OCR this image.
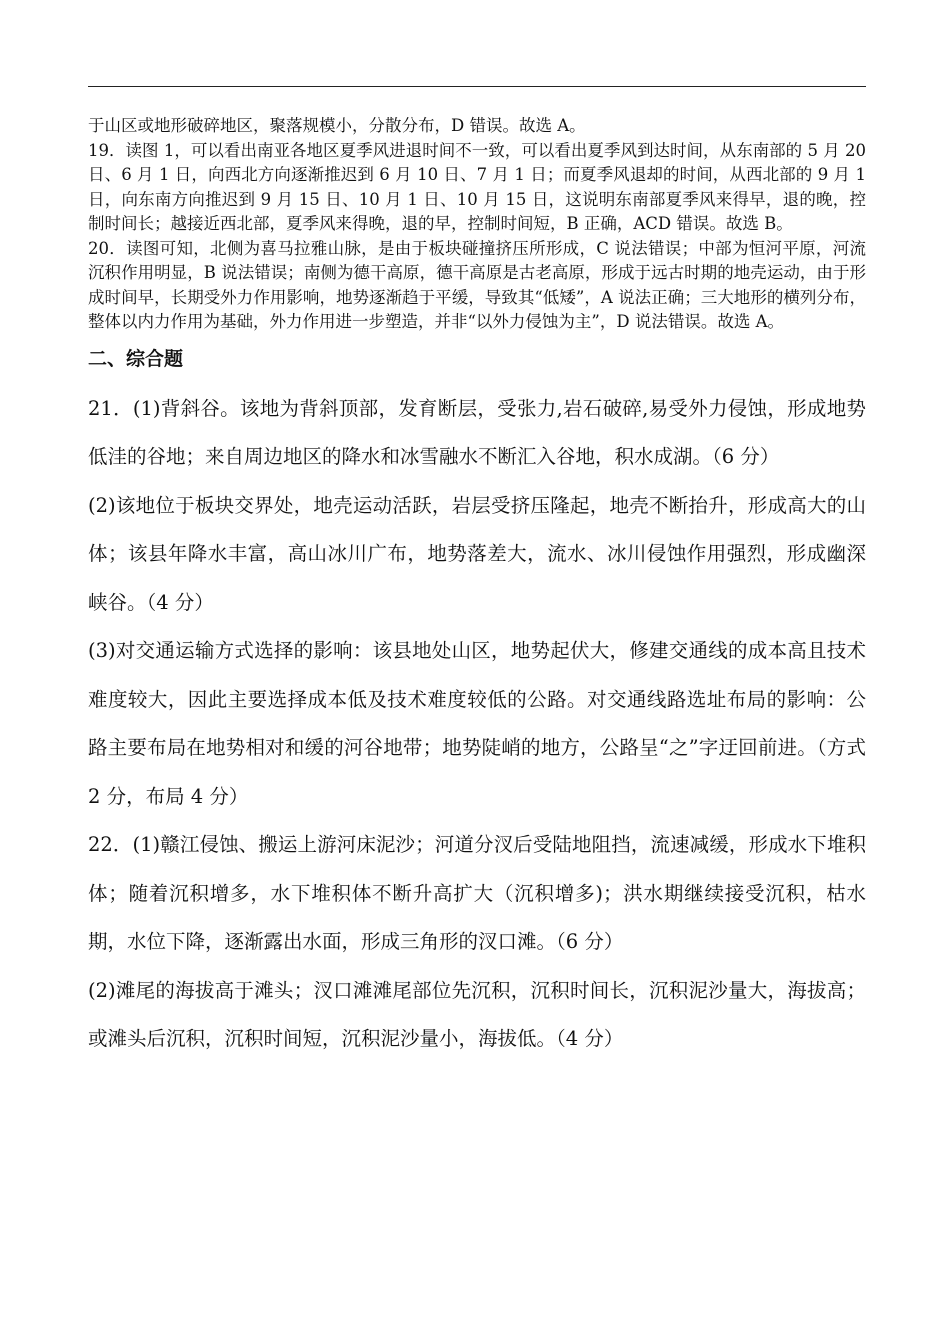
于山区或地形破碎地区，聚落规模小，分散分布，D 错误。故选 A。

19．读图 1，可以看出南亚各地区夏季风进退时间不一致，可以看出夏季风到达时间，从东南部的 5 月 20 日、6 月 1 日，向西北方向逐渐推迟到 6 月 10 日、7 月 1 日；而夏季风退却的时间，从西北部的 9 月 1 日，向东南方向推迟到 9 月 15 日、10 月 1 日、10 月 15 日，这说明东南部夏季风来得早，退的晚，控制时间长；越接近西北部，夏季风来得晚，退的早，控制时间短，B 正确，ACD 错误。故选 B。

20．读图可知，北侧为喜马拉雅山脉，是由于板块碰撞挤压所形成，C 说法错误；中部为恒河平原，河流沉积作用明显，B 说法错误；南侧为德干高原，德干高原是古老高原，形成于远古时期的地壳运动，由于形成时间早，长期受外力作用影响，地势逐渐趋于平缓，导致其“低矮”，A 说法正确；三大地形的横列分布，整体以内力作用为基础，外力作用进一步塑造，并非“以外力侵蚀为主”，D 说法错误。故选 A。

二、综合题

21．(1)背斜谷。该地为背斜顶部，发育断层，受张力,岩石破碎,易受外力侵蚀，形成地势低洼的谷地；来自周边地区的降水和冰雪融水不断汇入谷地，积水成湖。（6 分）

(2)该地位于板块交界处，地壳运动活跃，岩层受挤压隆起，地壳不断抬升，形成高大的山体；该县年降水丰富，高山冰川广布，地势落差大，流水、冰川侵蚀作用强烈，形成幽深峡谷。（4 分）

(3)对交通运输方式选择的影响：该县地处山区，地势起伏大，修建交通线的成本高且技术难度较大，因此主要选择成本低及技术难度较低的公路。对交通线路选址布局的影响：公路主要布局在地势相对和缓的河谷地带；地势陡峭的地方，公路呈“之”字迂回前进。（方式 2 分，布局 4 分）

22．(1)赣江侵蚀、搬运上游河床泥沙；河道分汊后受陆地阻挡，流速减缓，形成水下堆积体；随着沉积增多，水下堆积体不断升高扩大（沉积增多)；洪水期继续接受沉积，枯水期，水位下降，逐渐露出水面，形成三角形的汊口滩。（6 分）

(2)滩尾的海拔高于滩头；汊口滩滩尾部位先沉积，沉积时间长，沉积泥沙量大，海拔高；或滩头后沉积，沉积时间短，沉积泥沙量小，海拔低。（4 分）
